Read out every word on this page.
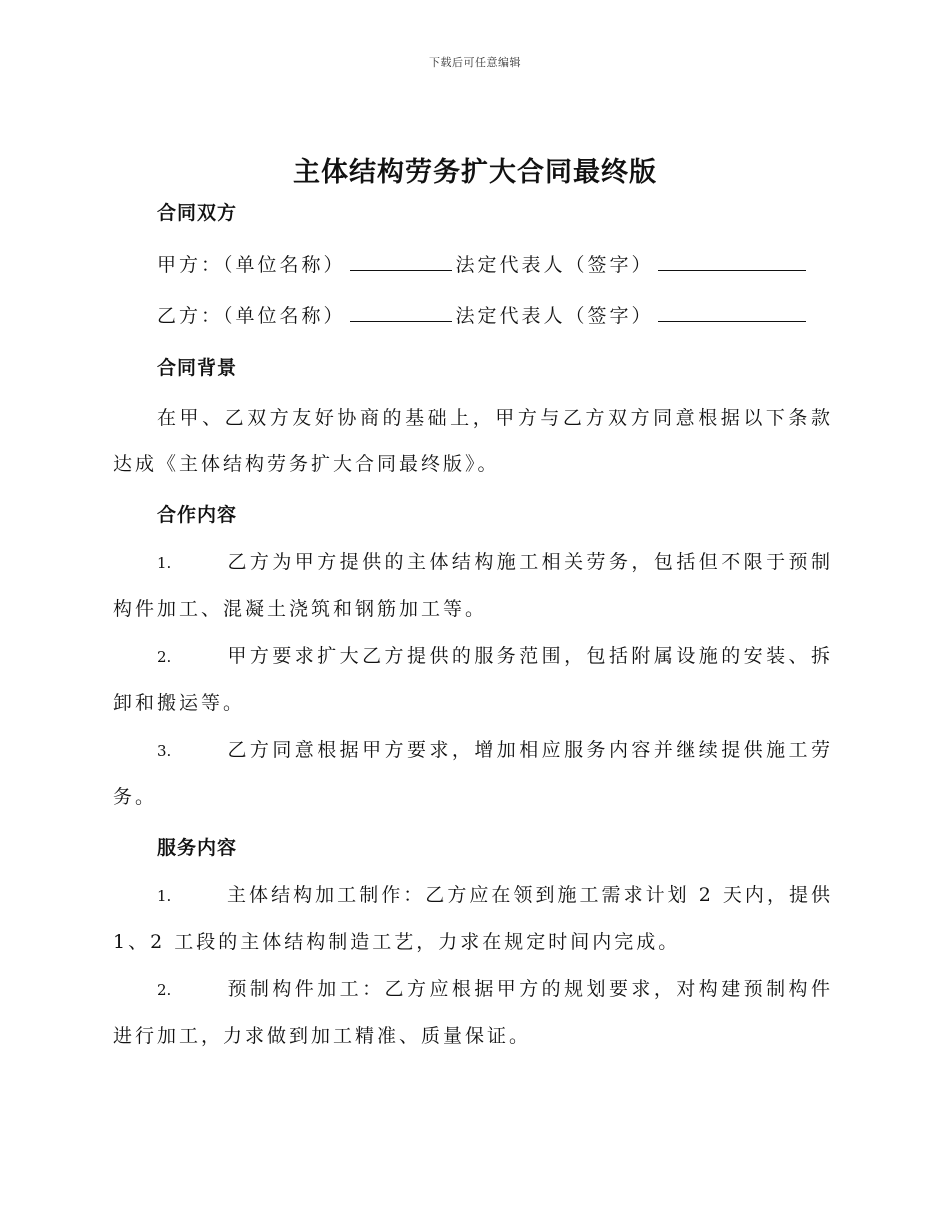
下载后可任意编辑
主体结构劳务扩大合同最终版
合同双方
甲方：（单位名称）	法定代表人（签字）
乙方：（单位名称）	法定代表人（签字）
合同背景
在甲、乙双方友好协商的基础上，甲方与乙方双方同意根据以下条款达成《主体结构劳务扩大合同最终版》。
合作内容
1.	乙方为甲方提供的主体结构施工相关劳务，包括但不限于预制构件加工、混凝土浇筑和钢筋加工等。
2.	甲方要求扩大乙方提供的服务范围，包括附属设施的安装、拆卸和搬运等。
3.	乙方同意根据甲方要求，增加相应服务内容并继续提供施工劳务。
服务内容
1.	主体结构加工制作：乙方应在领到施工需求计划 2 天内，提供 1、2 工段的主体结构制造工艺，力求在规定时间内完成。
2.	预制构件加工：乙方应根据甲方的规划要求，对构建预制构件进行加工，力求做到加工精准、质量保证。
